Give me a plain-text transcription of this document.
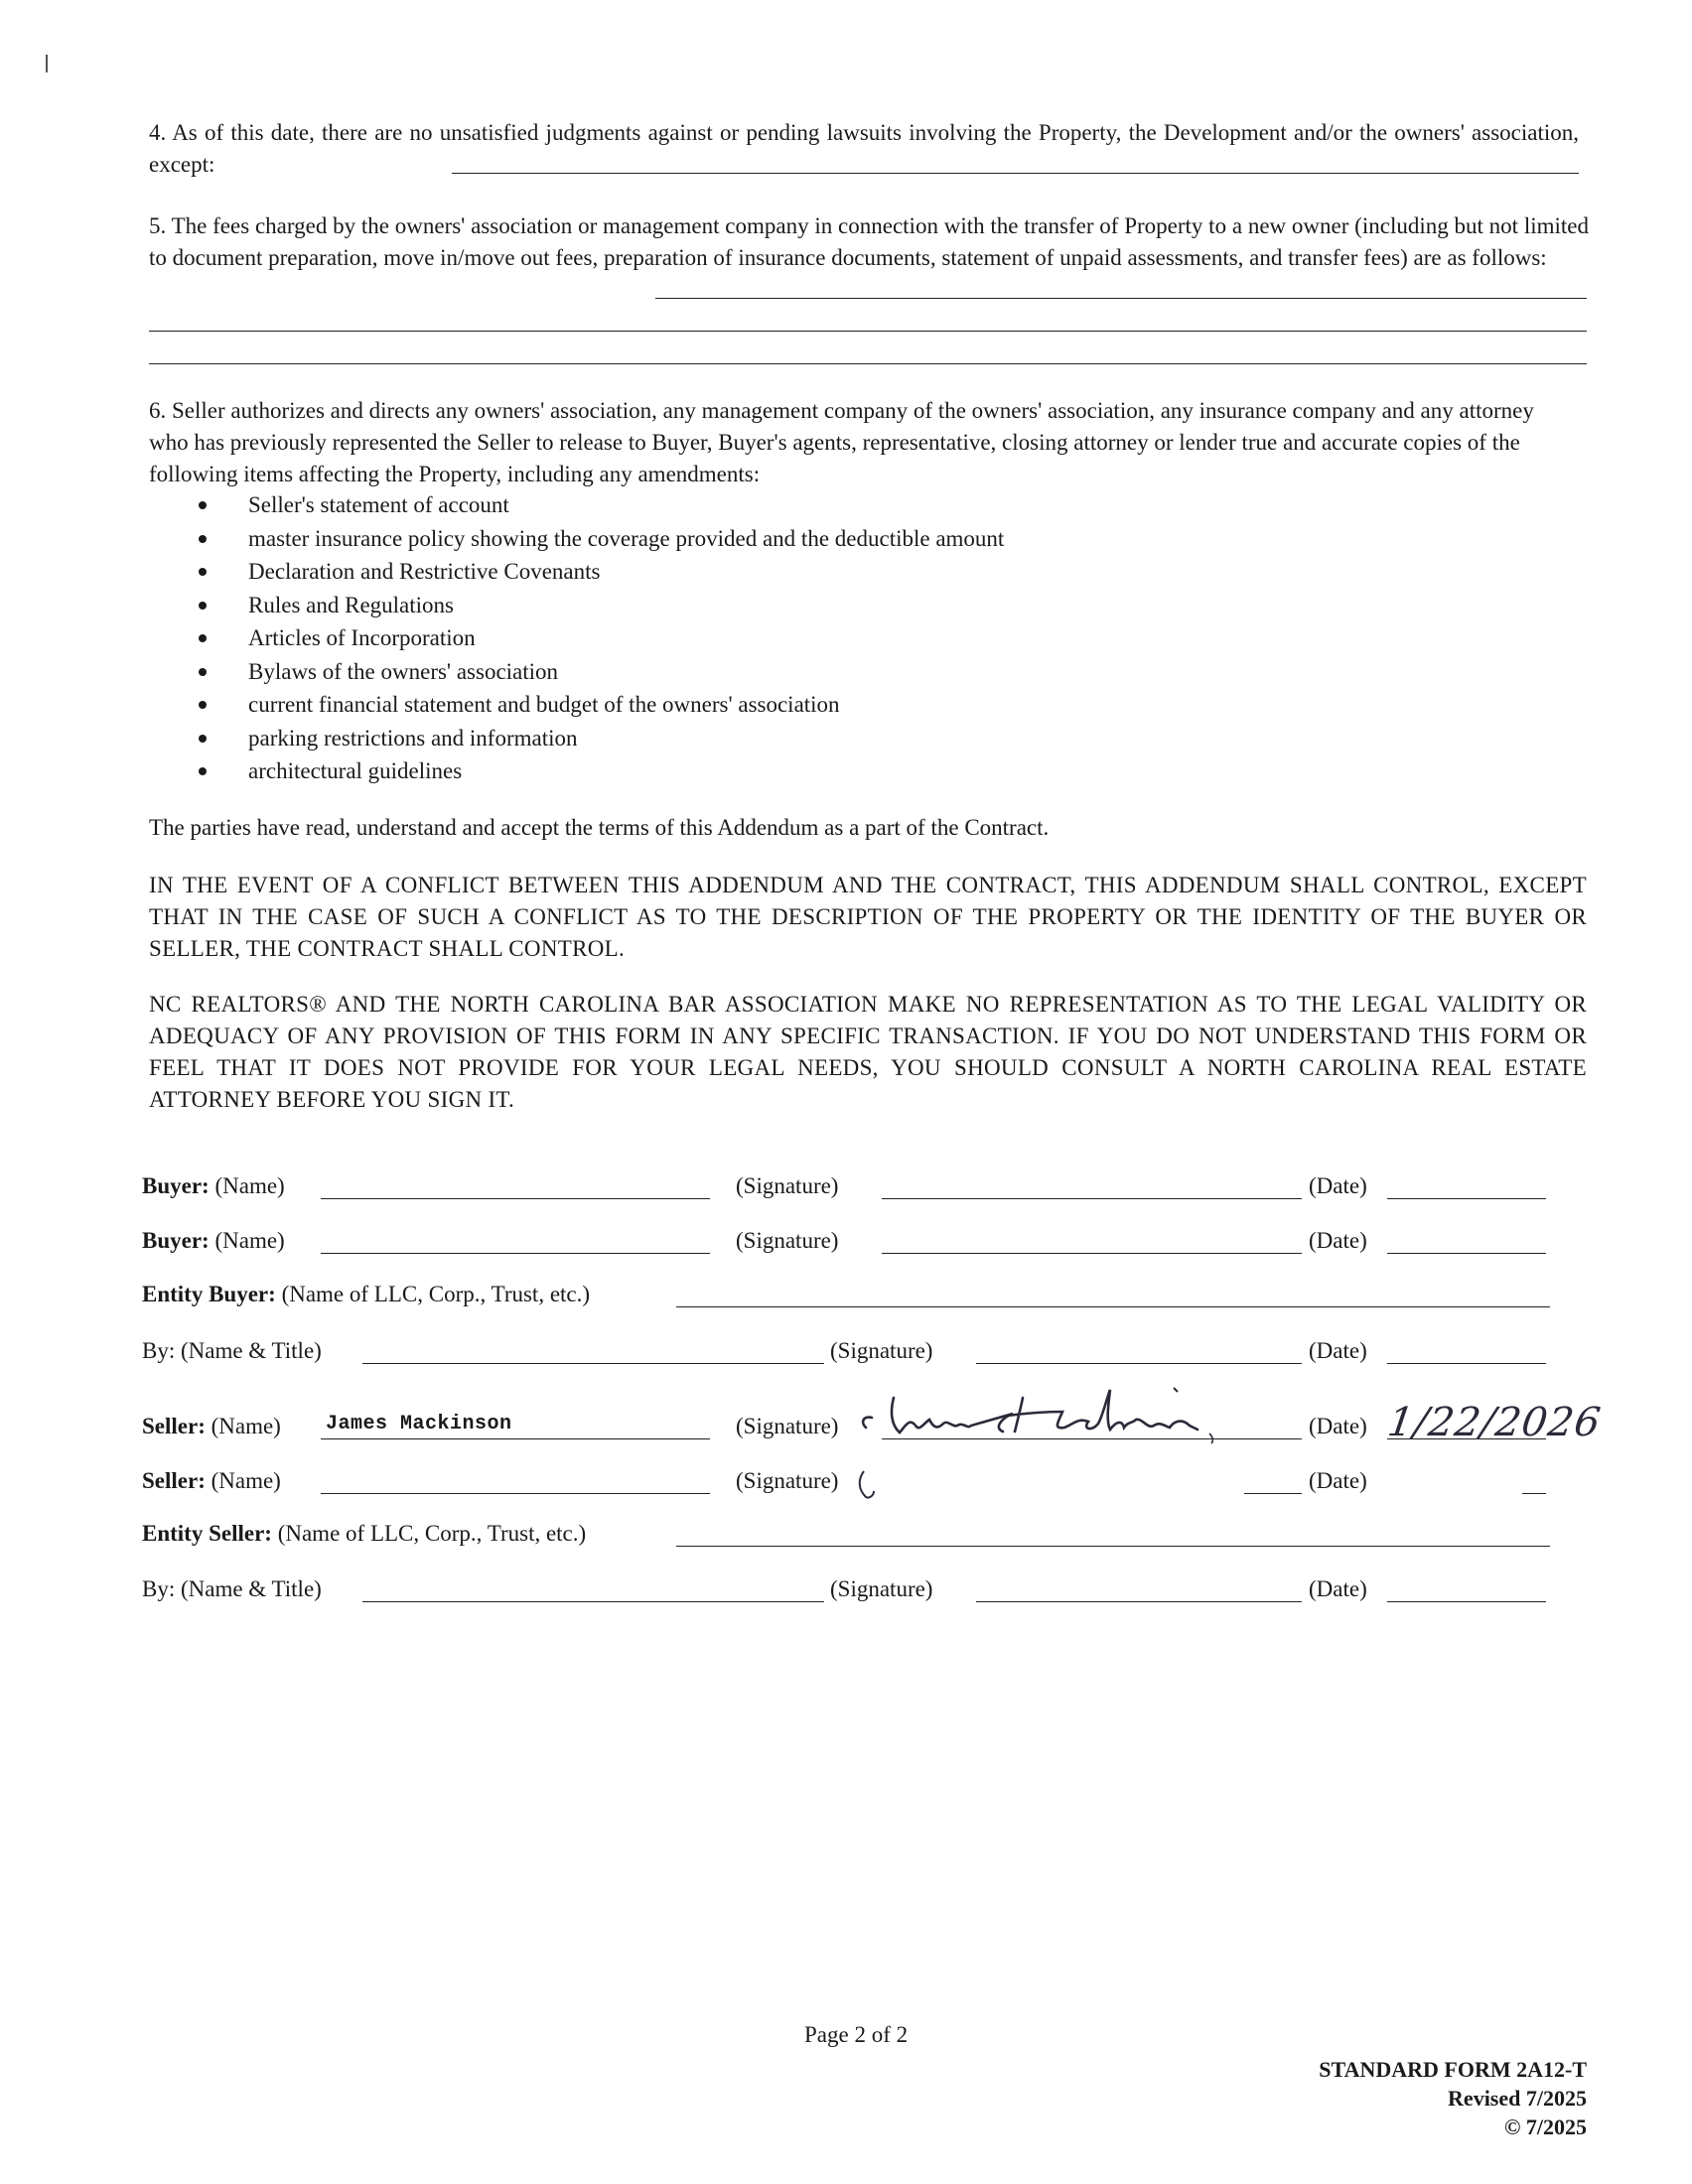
4. As of this date, there are no unsatisfied judgments against or pending lawsuits involving the Property, the Development and/or the owners' association, except:
5. The fees charged by the owners' association or management company in connection with the transfer of Property to a new owner (including but not limited to document preparation, move in/move out fees, preparation of insurance documents, statement of unpaid assessments, and transfer fees) are as follows:
6. Seller authorizes and directs any owners' association, any management company of the owners' association, any insurance company and any attorney who has previously represented the Seller to release to Buyer, Buyer's agents, representative, closing attorney or lender true and accurate copies of the following items affecting the Property, including any amendments:
Seller's statement of account
master insurance policy showing the coverage provided and the deductible amount
Declaration and Restrictive Covenants
Rules and Regulations
Articles of Incorporation
Bylaws of the owners' association
current financial statement and budget of the owners' association
parking restrictions and information
architectural guidelines
The parties have read, understand and accept the terms of this Addendum as a part of the Contract.
IN THE EVENT OF A CONFLICT BETWEEN THIS ADDENDUM AND THE CONTRACT, THIS ADDENDUM SHALL CONTROL, EXCEPT THAT IN THE CASE OF SUCH A CONFLICT AS TO THE DESCRIPTION OF THE PROPERTY OR THE IDENTITY OF THE BUYER OR SELLER, THE CONTRACT SHALL CONTROL.
NC REALTORS® AND THE NORTH CAROLINA BAR ASSOCIATION MAKE NO REPRESENTATION AS TO THE LEGAL VALIDITY OR ADEQUACY OF ANY PROVISION OF THIS FORM IN ANY SPECIFIC TRANSACTION. IF YOU DO NOT UNDERSTAND THIS FORM OR FEEL THAT IT DOES NOT PROVIDE FOR YOUR LEGAL NEEDS, YOU SHOULD CONSULT A NORTH CAROLINA REAL ESTATE ATTORNEY BEFORE YOU SIGN IT.
Buyer: (Name)	(Signature)	(Date)
Buyer: (Name)	(Signature)	(Date)
Entity Buyer: (Name of LLC, Corp., Trust, etc.)
By: (Name & Title)	(Signature)	(Date)
Seller: (Name) James Mackinson	(Signature)	(Date) 1/22/2026
Seller: (Name)	(Signature)	(Date)
Entity Seller: (Name of LLC, Corp., Trust, etc.)
By: (Name & Title)	(Signature)	(Date)
Page 2 of 2
STANDARD FORM 2A12-T
Revised 7/2025
© 7/2025
